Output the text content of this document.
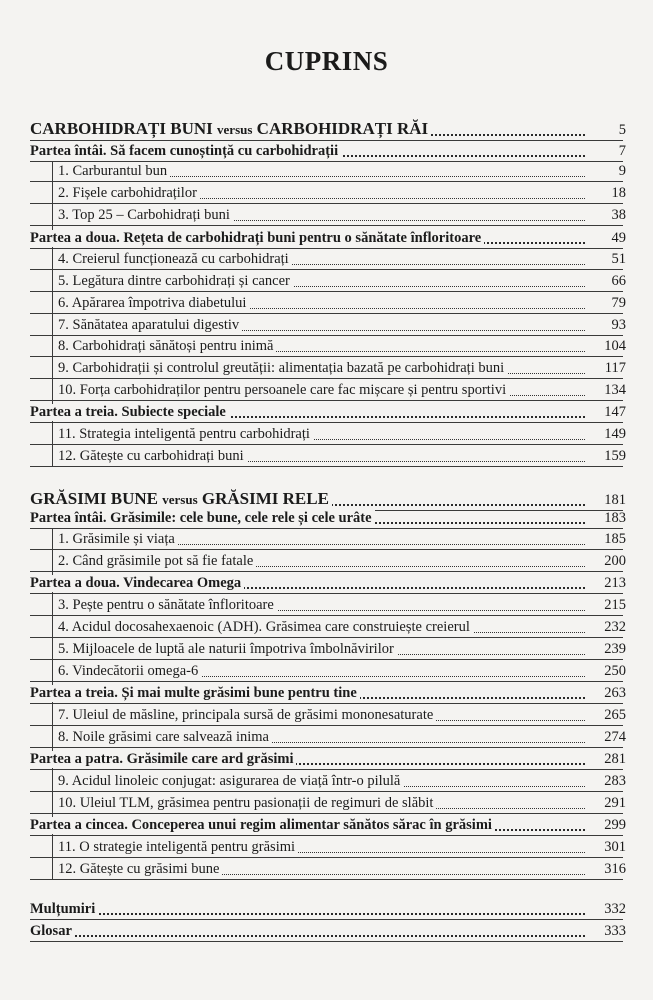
CUPRINS
CARBOHIDRAȚI BUNI versus CARBOHIDRAȚI RĂI	5
Partea întâi. Să facem cunoștință cu carbohidrații	7
1. Carburantul bun	9
2. Fișele carbohidraților	18
3. Top 25 – Carbohidrați buni	38
Partea a doua. Rețeta de carbohidrați buni pentru o sănătate înfloritoare	49
4. Creierul funcționează cu carbohidrați	51
5. Legătura dintre carbohidrați și cancer	66
6. Apărarea împotriva diabetului	79
7. Sănătatea aparatului digestiv	93
8. Carbohidrați sănătoși pentru inimă	104
9. Carbohidrații și controlul greutății: alimentația bazată pe carbohidrați buni	117
10. Forța carbohidraților pentru persoanele care fac mișcare și pentru sportivi	134
Partea a treia. Subiecte speciale	147
11. Strategia inteligentă pentru carbohidrați	149
12. Gătește cu carbohidrați buni	159
GRĂSIMI BUNE versus GRĂSIMI RELE	181
Partea întâi. Grăsimile: cele bune, cele rele și cele urâte	183
1. Grăsimile și viața	185
2. Când grăsimile pot să fie fatale	200
Partea a doua. Vindecarea Omega	213
3. Pește pentru o sănătate înfloritoare	215
4. Acidul docosahexaenoic (ADH). Grăsimea care construiește creierul	232
5. Mijloacele de luptă ale naturii împotriva îmbolnăvirilor	239
6. Vindecătorii omega-6	250
Partea a treia. Și mai multe grăsimi bune pentru tine	263
7. Uleiul de măsline, principala sursă de grăsimi mononesaturate	265
8. Noile grăsimi care salvează inima	274
Partea a patra. Grăsimile care ard grăsimi	281
9. Acidul linoleic conjugat: asigurarea de viață într-o pilulă	283
10. Uleiul TLM, grăsimea pentru pasionații de regimuri de slăbit	291
Partea a cincea. Conceperea unui regim alimentar sănătos sărac în grăsimi	299
11. O strategie inteligentă pentru grăsimi	301
12. Gătește cu grăsimi bune	316
Mulțumiri	332
Glosar	333
